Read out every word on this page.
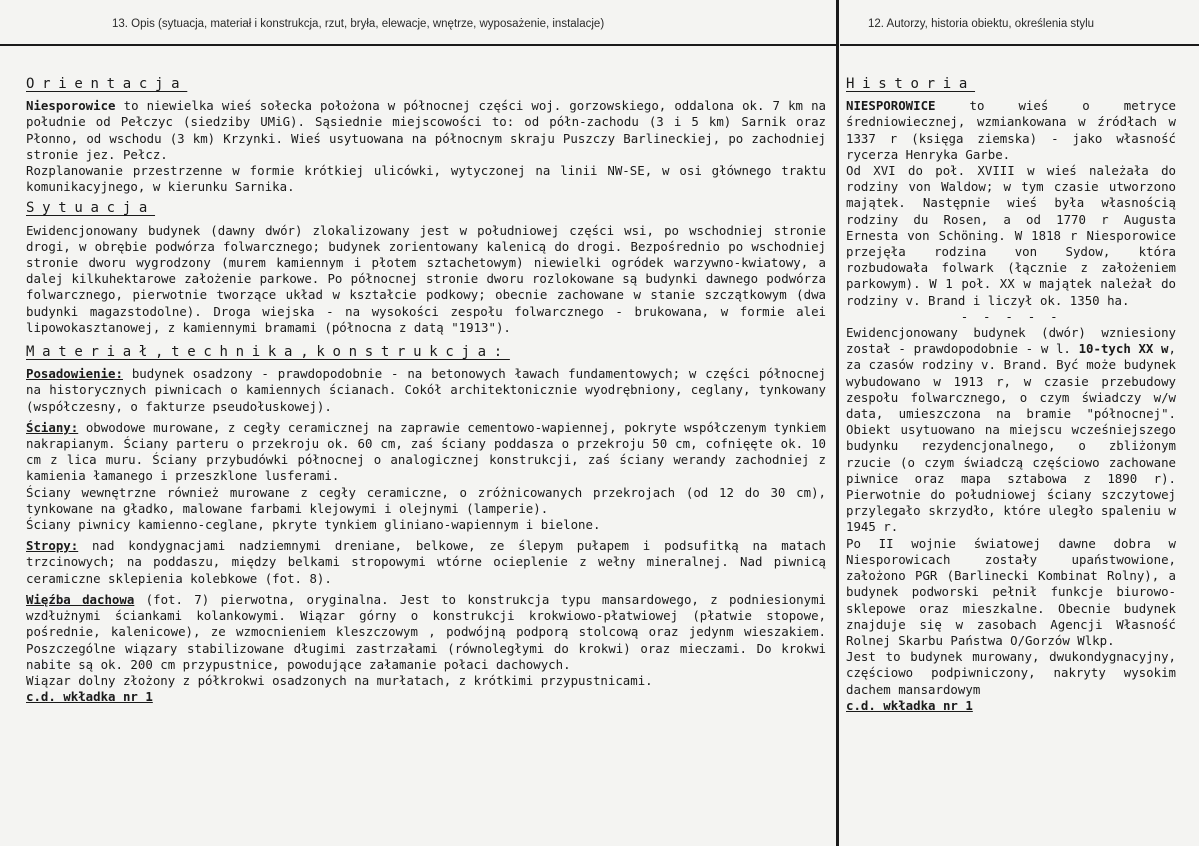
13. Opis (sytuacja, materiał i konstrukcja, rzut, bryła, elewacje, wnętrze, wyposażenie, instalacje)	12. Autorzy, historia obiektu, określenia stylu
Orientacja

Niesporowice to niewielka wieś sołecka położona w północnej części woj. gorzowskiego, oddalona ok. 7 km na południe od Pełczyc (siedziby UMiG). Sąsiednie miejscowości to: od półn-zachodu (3 i 5 km) Sarnik oraz Płonno, od wschodu (3 km) Krzynki. Wieś usytuowana na północnym skraju Puszczy Barlineckiej, po zachodniej stronie jez. Pełcz.

Rozplanowanie przestrzenne w formie krótkiej ulicówki, wytyczonej na linii NW-SE, w osi głównego traktu komunikacyjnego, w kierunku Sarnika.

Sytuacja

Ewidencjonowany budynek (dawny dwór) zlokalizowany jest w południowej części wsi, po wschodniej stronie drogi, w obrębie podwórza folwarcznego; budynek zorientowany kalenicą do drogi. Bezpośrednio po wschodniej stronie dworu wygrodzony (murem kamiennym i płotem sztachetowym) niewielki ogródek warzywno-kwiatowy, a dalej kilkuhektarowe założenie parkowe. Po północnej stronie dworu rozlokowane są budynki dawnego podwórza folwarcznego, pierwotnie tworzące układ w kształcie podkowy; obecnie zachowane w stanie szczątkowym (dwa budynki magazstodolne). Droga wiejska - na wysokości zespołu folwarcznego - brukowana, w formie alei lipowokasztanowej, z kamiennymi bramami (północna z datą "1913").

Materiał,technika,konstrukcja:

Posadowienie: budynek osadzony - prawdopodobnie - na betonowych ławach fundamentowych; w części północnej na historycznych piwnicach o kamiennych ścianach. Cokół architektonicznie wyodrębniony, ceglany, tynkowany (współczesny, o fakturze pseudołuskowej).

Ściany: obwodowe murowane, z cegły ceramicznej na zaprawie cementowo-wapiennej, pokryte współczenym tynkiem nakrapianym. Ściany parteru o przekroju ok. 60 cm, zaś ściany poddasza o przekroju 50 cm, cofnięęte ok. 10 cm z lica muru. Ściany przybudówki północnej o analogicznej konstrukcji, zaś ściany werandy zachodniej z kamienia łamanego i przeszklone lusferami.

Ściany wewnętrzne również murowane z cegły ceramiczne, o zróżnicowanych przekrojach (od 12 do 30 cm), tynkowane na gładko, malowane farbami klejowymi i olejnymi (lamperie).

Ściany piwnicy kamienno-ceglane, pkryte tynkiem gliniano-wapiennym i bielone.

Stropy: nad kondygnacjami nadziemnymi dreniane, belkowe, ze ślepym pułapem i podsufitką na matach trzcinowych; na poddaszu, między belkami stropowymi wtórne ocieplenie z wełny mineralnej. Nad piwnicą ceramiczne sklepienia kolebkowe (fot. 8).

Więźba dachowa (fot. 7) pierwotna, oryginalna. Jest to konstrukcja typu mansardowego, z podniesionymi wzdłużnymi ściankami kolankowymi. Wiązar górny o konstrukcji krokwiowo-płatwiowej (płatwie stopowe, pośrednie, kalenicowe), ze wzmocnieniem kleszczowym , podwójną podporą stolcową oraz jedynm wieszakiem. Poszczególne wiązary stabilizowane długimi zastrzałami (równoległymi do krokwi) oraz mieczami. Do krokwi nabite są ok. 200 cm przypustnice, powodujące załamanie połaci dachowych.

Wiązar dolny złożony z półkrokwi osadzonych na murłatach, z krótkimi przypustnicami.

c.d. wkładka nr 1

Historia

NIESPOROWICE to wieś o metryce średniowiecznej, wzmiankowana w źródłach w 1337 r (księga ziemska) - jako własność rycerza Henryka Garbe.

Od XVI do poł. XVIII w wieś należała do rodziny von Waldow; w tym czasie utworzono majątek. Następnie wieś była własnością rodziny du Rosen, a od 1770 r Augusta Ernesta von Schöning. W 1818 r Niesporowice przejęła rodzina von Sydow, która rozbudowała folwark (łącznie z założeniem parkowym). W 1 poł. XX w majątek należał do rodziny v. Brand i liczył ok. 1350 ha.

- - - - -

Ewidencjonowany budynek (dwór) wzniesiony został - prawdopodobnie - w l. 10-tych XX w, za czasów rodziny v. Brand. Być może budynek wybudowano w 1913 r, w czasie przebudowy zespołu folwarcznego, o czym świadczy w/w data, umieszczona na bramie "północnej". Obiekt usytuowano na miejscu wcześniejszego budynku rezydencjonalnego, o zbliżonym rzucie (o czym świadczą częściowo zachowane piwnice oraz mapa sztabowa z 1890 r). Pierwotnie do południowej ściany szczytowej przylegało skrzydło, które uległo spaleniu w 1945 r.

Po II wojnie światowej dawne dobra w Niesporowicach zostały upaństwowione, założono PGR (Barlinecki Kombinat Rolny), a budynek podworski pełnił funkcje biurowo-sklepowe oraz mieszkalne. Obecnie budynek znajduje się w zasobach Agencji Własność Rolnej Skarbu Państwa O/Gorzów Wlkp.

Jest to budynek murowany, dwukondygnacyjny, częściowo podpiwniczony, nakryty wysokim dachem mansardowym

c.d. wkładka nr 1
